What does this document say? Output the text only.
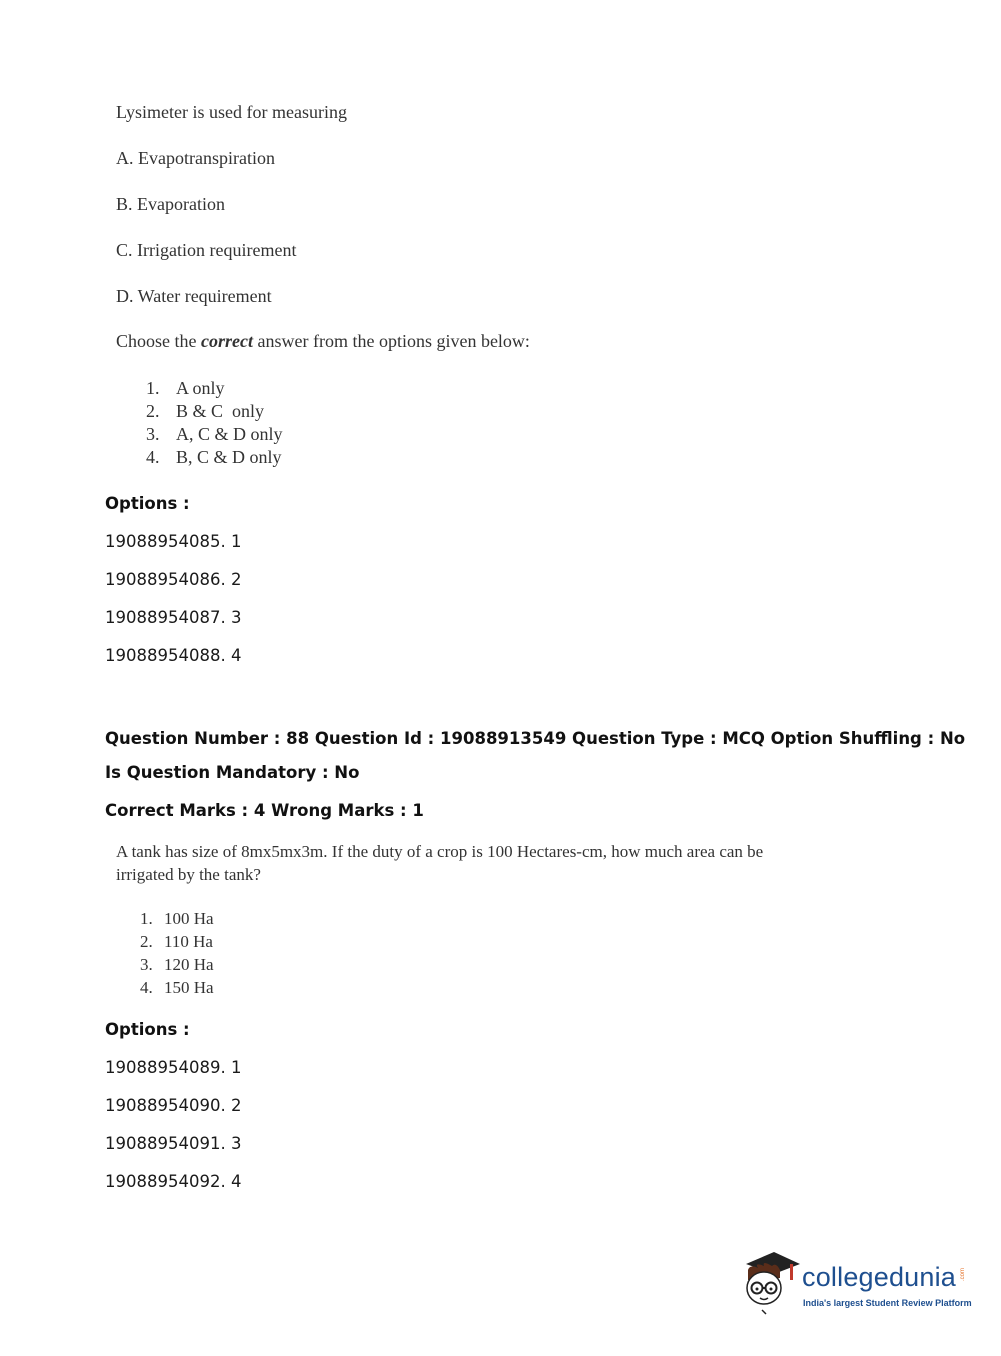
Lysimeter is used for measuring
A. Evapotranspiration
B. Evaporation
C. Irrigation requirement
D. Water requirement
Choose the correct answer from the options given below:
1. A only
2. B & C  only
3. A, C & D only
4. B, C & D only
Options :
19088954085. 1
19088954086. 2
19088954087. 3
19088954088. 4
Question Number : 88 Question Id : 19088913549 Question Type : MCQ Option Shuffling : No
Is Question Mandatory : No
Correct Marks : 4 Wrong Marks : 1
A tank has size of 8mx5mx3m. If the duty of a crop is 100 Hectares-cm, how much area can be
irrigated by the tank?
1. 100 Ha
2. 110 Ha
3. 120 Ha
4. 150 Ha
Options :
19088954089. 1
19088954090. 2
19088954091. 3
19088954092. 4
collegedunia .com
India's largest Student Review Platform
